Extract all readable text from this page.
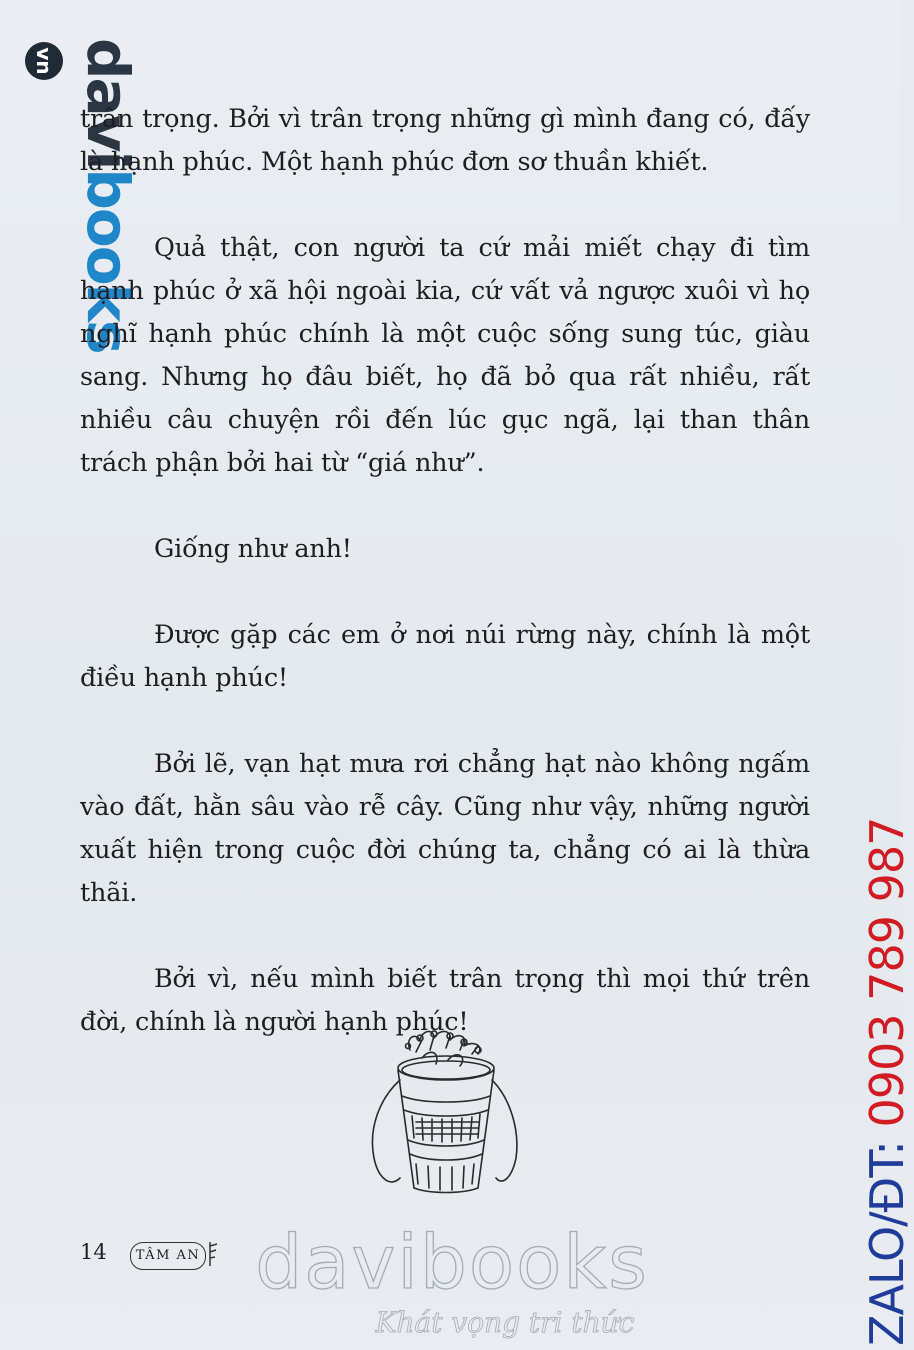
davibooksvn

trân trọng. Bởi vì trân trọng những gì mình đang có, đấy là hạnh phúc. Một hạnh phúc đơn sơ thuần khiết.

Quả thật, con người ta cứ mải miết chạy đi tìm hạnh phúc ở xã hội ngoài kia, cứ vất vả ngược xuôi vì họ nghĩ hạnh phúc chính là một cuộc sống sung túc, giàu sang. Nhưng họ đâu biết, họ đã bỏ qua rất nhiều, rất nhiều câu chuyện rồi đến lúc gục ngã, lại than thân trách phận bởi hai từ “giá như”.

Giống như anh!

Được gặp các em ở nơi núi rừng này, chính là một điều hạnh phúc!

Bởi lẽ, vạn hạt mưa rơi chẳng hạt nào không ngấm vào đất, hằn sâu vào rễ cây. Cũng như vậy, những người xuất hiện trong cuộc đời chúng ta, chẳng có ai là thừa thãi.

Bởi vì, nếu mình biết trân trọng thì mọi thứ trên đời, chính là người hạnh phúc!

14	TÂM AN davibooks
Khát vọng tri thức	ZALO/ĐT: 0903 789 987
